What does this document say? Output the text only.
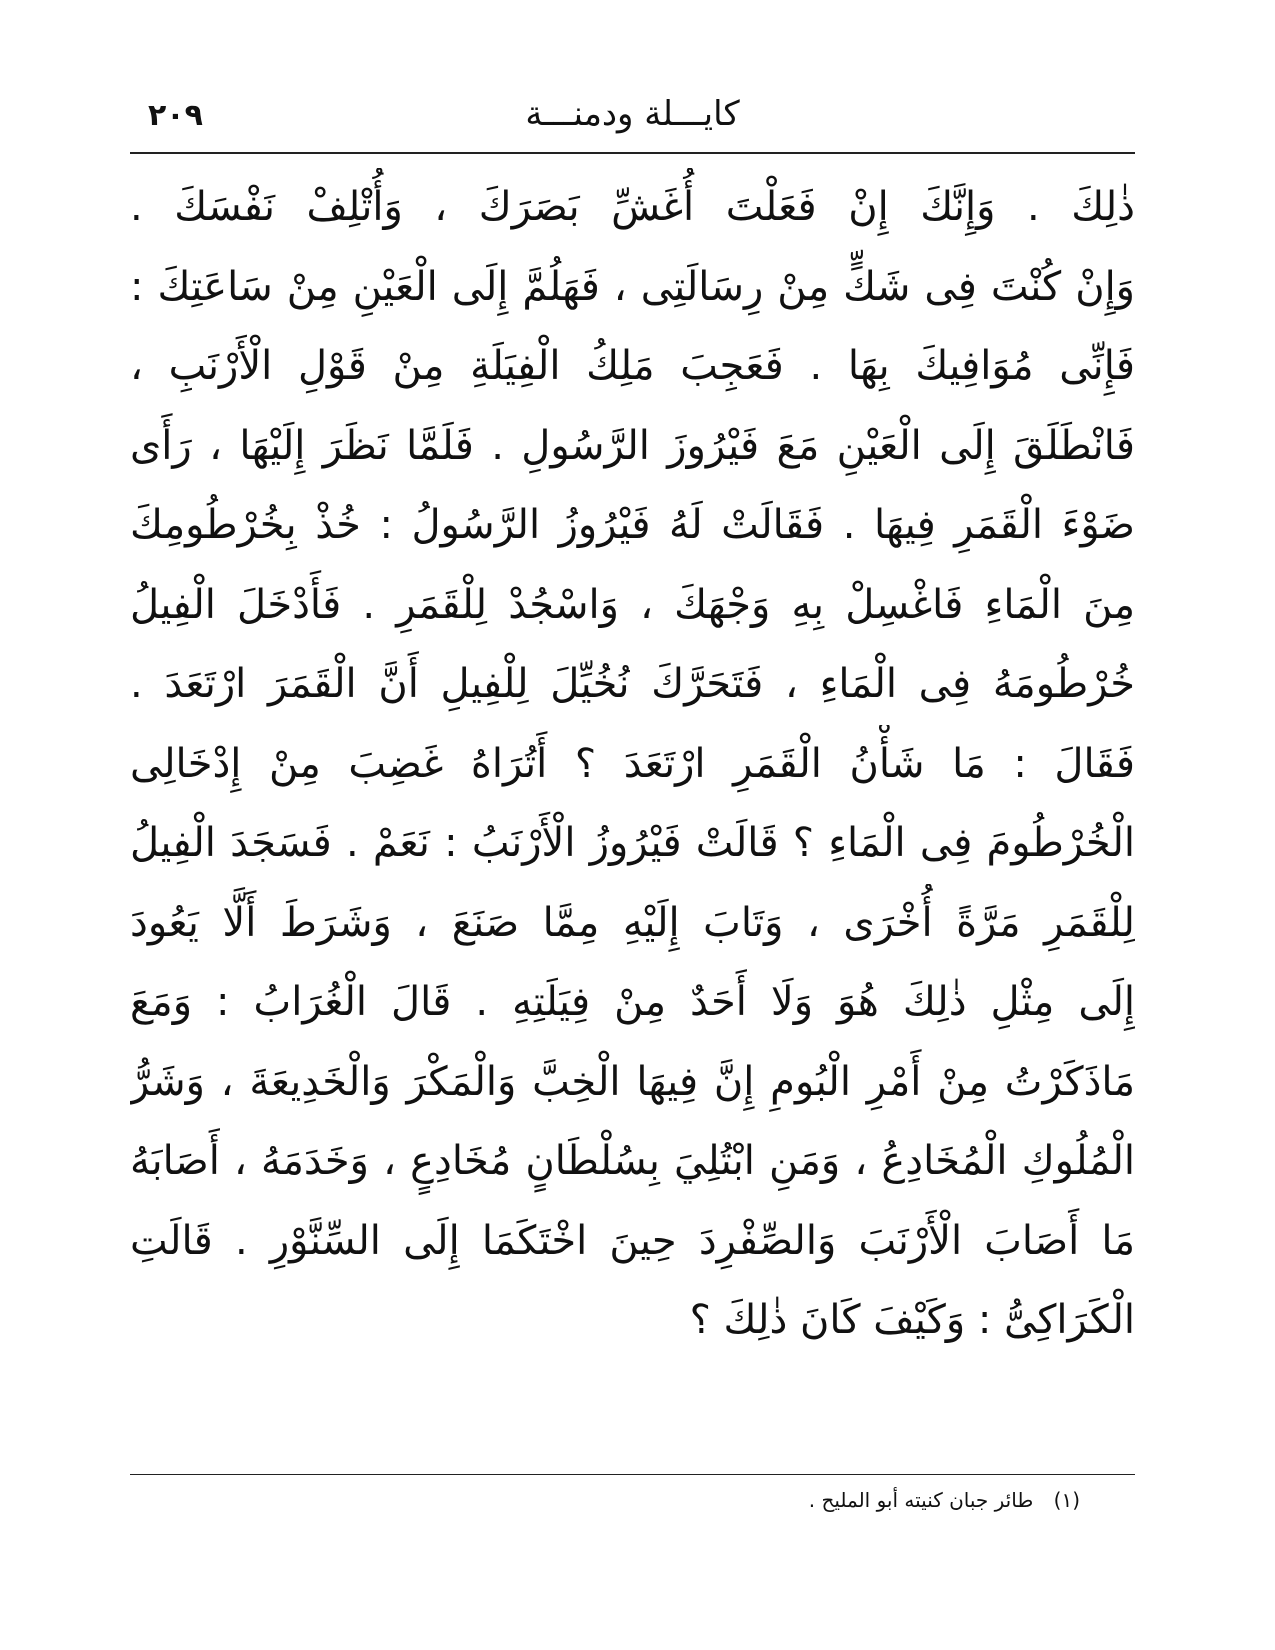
٢٠٩	كايـــلة ودمنـــة
ذٰلِكَ . وَإِنَّكَ إِنْ فَعَلْتَ أُغَشِّ بَصَرَكَ ، وَأُتْلِفْ نَفْسَكَ .
وَإِنْ كُنْتَ فِى شَكٍّ مِنْ رِسَالَتِى ، فَهَلُمَّ إِلَى الْعَيْنِ مِنْ سَاعَتِكَ :
فَإِنِّى مُوَافِيكَ بِهَا . فَعَجِبَ مَلِكُ الْفِيَلَةِ مِنْ قَوْلِ الْأَرْنَبِ ،
فَانْطَلَقَ إِلَى الْعَيْنِ مَعَ فَيْرُوزَ الرَّسُولِ . فَلَمَّا نَظَرَ إِلَيْهَا ، رَأَى
ضَوْءَ الْقَمَرِ فِيهَا . فَقَالَتْ لَهُ فَيْرُوزُ الرَّسُولُ : خُذْ بِخُرْطُومِكَ
مِنَ الْمَاءِ فَاغْسِلْ بِهِ وَجْهَكَ ، وَاسْجُدْ لِلْقَمَرِ . فَأَدْخَلَ الْفِيلُ
خُرْطُومَهُ فِى الْمَاءِ ، فَتَحَرَّكَ نُخُيِّلَ لِلْفِيلِ أَنَّ الْقَمَرَ ارْتَعَدَ .
فَقَالَ : مَا شَأْنُ الْقَمَرِ ارْتَعَدَ ؟ أَتُرَاهُ غَضِبَ مِنْ إِدْخَالِى
الْخُرْطُومَ فِى الْمَاءِ ؟ قَالَتْ فَيْرُوزُ الْأَرْنَبُ : نَعَمْ . فَسَجَدَ الْفِيلُ
لِلْقَمَرِ مَرَّةً أُخْرَى ، وَتَابَ إِلَيْهِ مِمَّا صَنَعَ ، وَشَرَطَ أَلَّا يَعُودَ
إِلَى مِثْلِ ذٰلِكَ هُوَ وَلَا أَحَدٌ مِنْ فِيَلَتِهِ . قَالَ الْغُرَابُ : وَمَعَ
مَاذَكَرْتُ مِنْ أَمْرِ الْبُومِ إِنَّ فِيهَا الْخِبَّ وَالْمَكْرَ وَالْخَدِيعَةَ ، وَشَرُّ
الْمُلُوكِ الْمُخَادِعُ ، وَمَنِ ابْتُلِيَ بِسُلْطَانٍ مُخَادِعٍ ، وَخَدَمَهُ ، أَصَابَهُ
مَا أَصَابَ الْأَرْنَبَ وَالصِّفْرِدَ حِينَ اخْتَكَمَا إِلَى السِّنَّوْرِ . قَالَتِ
الْكَرَاكِىُّ : وَكَيْفَ كَانَ ذٰلِكَ ؟
(١) طائر جبان كنيته أبو المليح .
